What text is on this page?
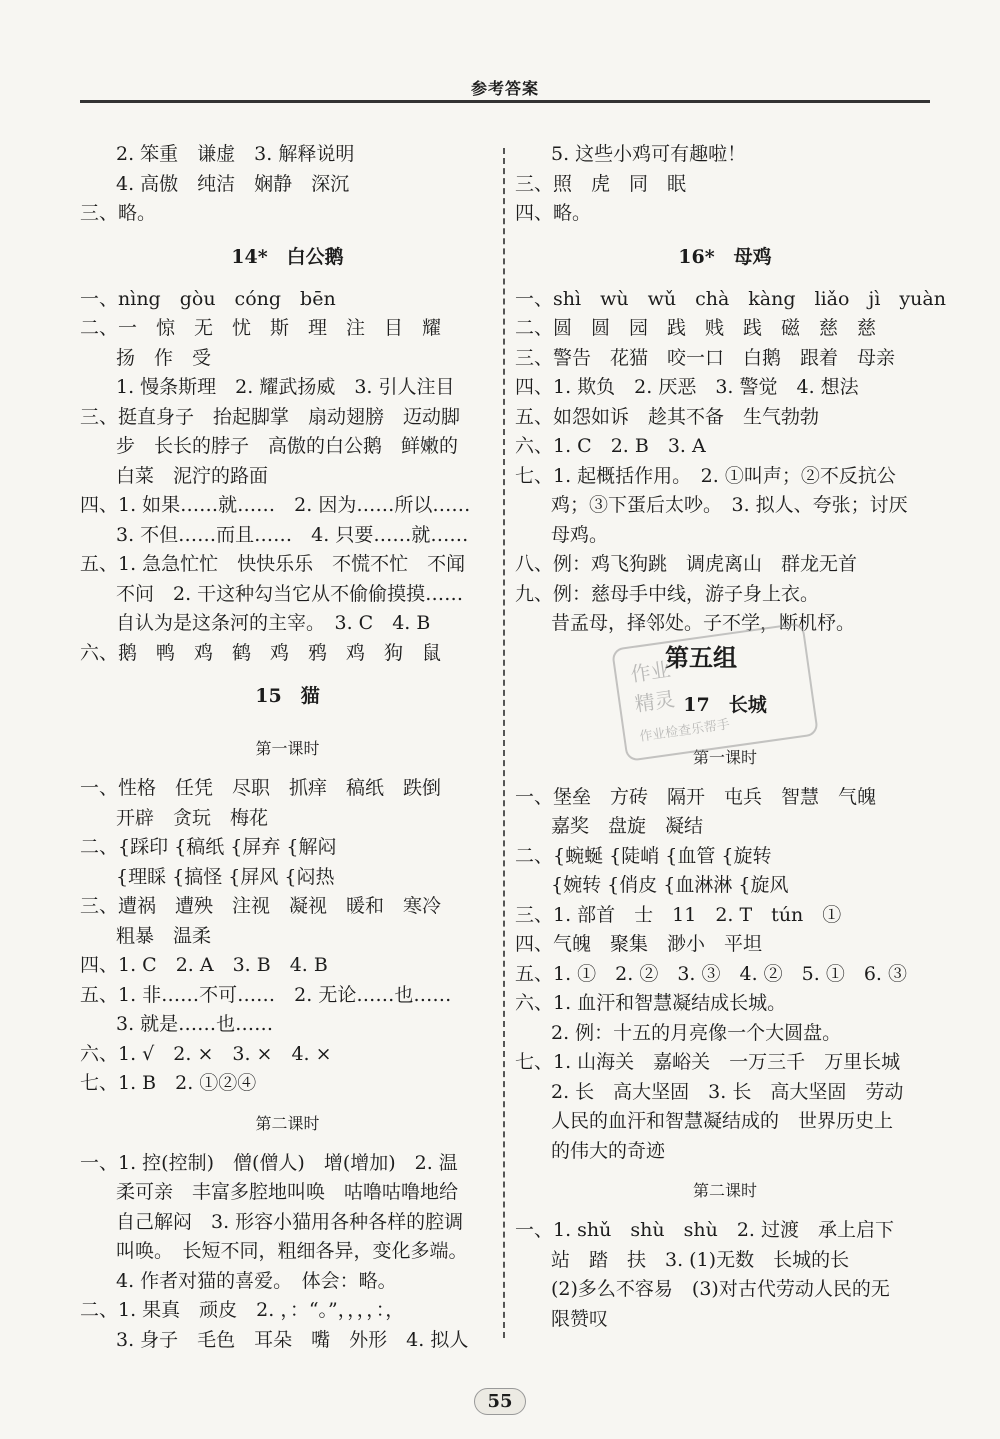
参考答案
2. 笨重　谦虚　3. 解释说明
4. 高傲　纯洁　娴静　深沉
三、略。
14*　白公鹅
一、nìng　gòu　cóng　bēn
二、一　惊　无　忧　斯　理　注　目　耀
扬　作　受
1. 慢条斯理　2. 耀武扬威　3. 引人注目
三、挺直身子　抬起脚掌　扇动翅膀　迈动脚
步　长长的脖子　高傲的白公鹅　鲜嫩的
白菜　泥泞的路面
四、1. 如果……就……　2. 因为……所以……
3. 不但……而且……　4. 只要……就……
五、1. 急急忙忙　快快乐乐　不慌不忙　不闻
不问　2. 干这种勾当它从不偷偷摸摸……
自认为是这条河的主宰。　3. C　4. B
六、鹅　鸭　鸡　鹤　鸡　鸦　鸡　狗　鼠
15　猫
第一课时
一、性格　任凭　尽职　抓痒　稿纸　跌倒
开辟　贪玩　梅花
二、{踩印 {稿纸 {屏弃 {解闷
{理睬 {搞怪 {屏风 {闷热
三、遭祸　遭殃　注视　凝视　暖和　寒冷
粗暴　温柔
四、1. C　2. A　3. B　4. B
五、1. 非……不可……　2. 无论……也……
3. 就是……也……
六、1. √　2. ×　3. ×　4. ×
七、1. B　2. ①②④
第二课时
一、1. 控(控制)　僧(僧人)　增(增加)　2. 温
柔可亲　丰富多腔地叫唤　咕噜咕噜地给
自己解闷　3. 形容小猫用各种各样的腔调
叫唤。　长短不同，粗细各异，变化多端。
4. 作者对猫的喜爱。　体会：略。
二、1. 果真　顽皮　2. ，：“。”，，，，：，
3. 身子　毛色　耳朵　嘴　外形　4. 拟人
5. 这些小鸡可有趣啦！
三、照　虎　同　眠
四、略。
16*　母鸡
一、shì　wù　wǔ　chà　kàng　liǎo　jì　yuàn
二、圆　圆　园　践　贱　践　磁　慈　慈
三、警告　花猫　咬一口　白鹅　跟着　母亲
四、1. 欺负　2. 厌恶　3. 警觉　4. 想法
五、如怨如诉　趁其不备　生气勃勃
六、1. C　2. B　3. A
七、1. 起概括作用。　2. ①叫声；②不反抗公
鸡；③下蛋后太吵。　3. 拟人、夸张；讨厌
母鸡。
八、例：鸡飞狗跳　调虎离山　群龙无首
九、例：慈母手中线，游子身上衣。
昔孟母，择邻处。子不学，断机杼。
第五组
17　长城
第一课时
一、堡垒　方砖　隔开　屯兵　智慧　气魄
嘉奖　盘旋　凝结
二、{蜿蜒 {陡峭 {血管 {旋转
{婉转 {俏皮 {血淋淋 {旋风
三、1. 部首　士　11　2. T　tún　①
四、气魄　聚集　渺小　平坦
五、1. ①　2. ②　3. ③　4. ②　5. ①　6. ③
六、1. 血汗和智慧凝结成长城。
2. 例：十五的月亮像一个大圆盘。
七、1. 山海关　嘉峪关　一万三千　万里长城
2. 长　高大坚固　3. 长　高大坚固　劳动
人民的血汗和智慧凝结成的　世界历史上
的伟大的奇迹
第二课时
一、1. shǔ　shù　shù　2. 过渡　承上启下
站　踏　扶　3. (1)无数　长城的长
(2)多么不容易　(3)对古代劳动人民的无
限赞叹
作业
精灵
作业检查乐帮手
55
